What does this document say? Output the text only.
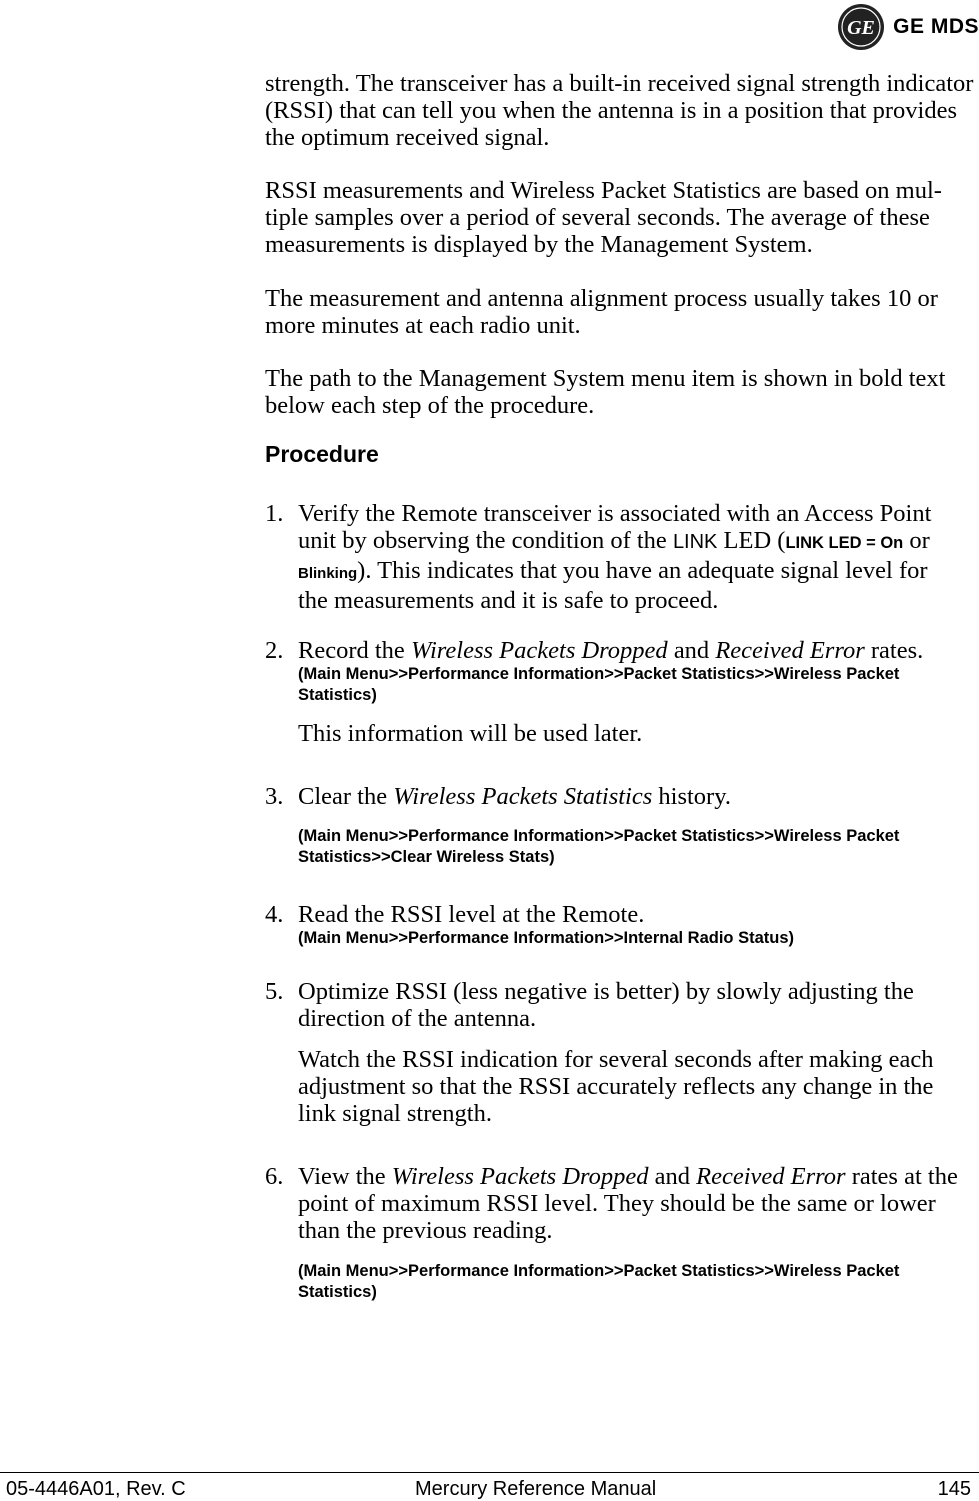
GE GE MDS
strength. The transceiver has a built-in received signal strength indicator
(RSSI) that can tell you when the antenna is in a position that provides
the optimum received signal.
RSSI measurements and Wireless Packet Statistics are based on mul-
tiple samples over a period of several seconds. The average of these
measurements is displayed by the Management System.
The measurement and antenna alignment process usually takes 10 or
more minutes at each radio unit.
The path to the Management System menu item is shown in bold text
below each step of the procedure.
Procedure
1. Verify the Remote transceiver is associated with an Access Point
unit by observing the condition of the LINK LED (LINK LED = On or
Blinking). This indicates that you have an adequate signal level for
the measurements and it is safe to proceed.
2. Record the Wireless Packets Dropped and Received Error rates.
(Main Menu>>Performance Information>>Packet Statistics>>Wireless Packet
Statistics)
This information will be used later.
3. Clear the Wireless Packets Statistics history.
(Main Menu>>Performance Information>>Packet Statistics>>Wireless Packet
Statistics>>Clear Wireless Stats)
4. Read the RSSI level at the Remote.
(Main Menu>>Performance Information>>Internal Radio Status)
5. Optimize RSSI (less negative is better) by slowly adjusting the
direction of the antenna.
Watch the RSSI indication for several seconds after making each
adjustment so that the RSSI accurately reflects any change in the
link signal strength.
6. View the Wireless Packets Dropped and Received Error rates at the
point of maximum RSSI level. They should be the same or lower
than the previous reading.
(Main Menu>>Performance Information>>Packet Statistics>>Wireless Packet
Statistics)
05-4446A01, Rev. C	Mercury Reference Manual	145
